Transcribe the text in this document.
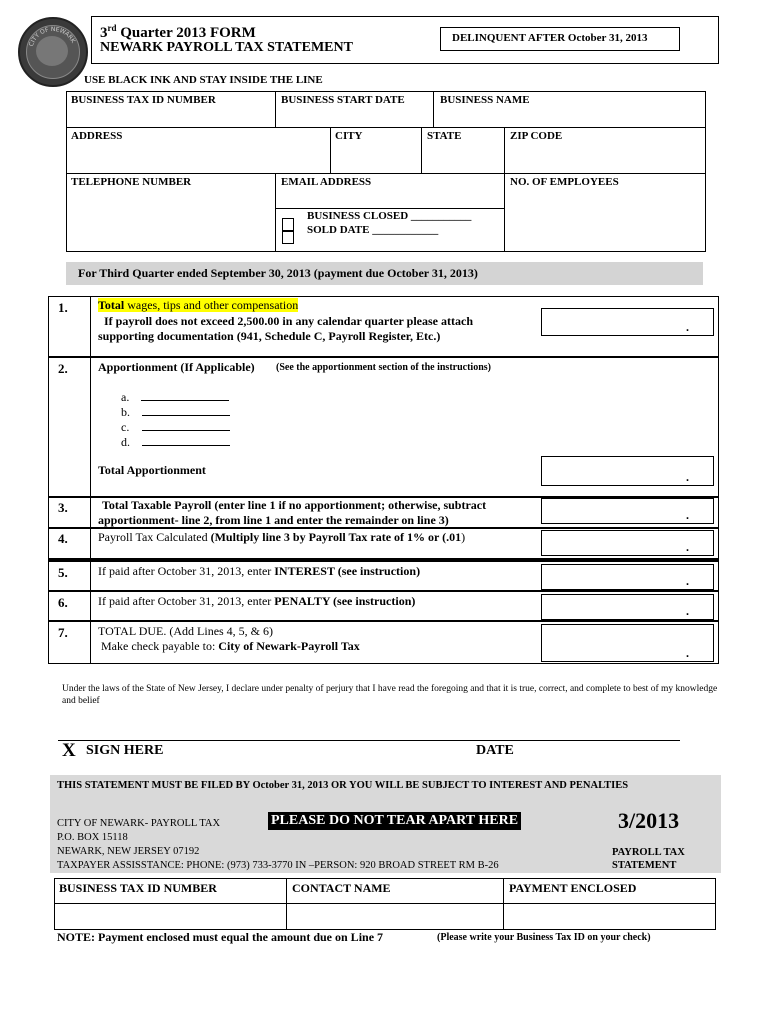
CITY OF NEWARK 3rd Quarter 2013 FORM
NEWARK PAYROLL TAX STATEMENT
DELINQUENT AFTER October 31, 2013
USE BLACK INK AND STAY INSIDE THE LINE
BUSINESS TAX ID NUMBER	BUSINESS START DATE	BUSINESS NAME
ADDRESS	CITY	STATE	ZIP CODE
TELEPHONE NUMBER	EMAIL ADDRESS	NO. OF EMPLOYEES
BUSINESS CLOSED ___________
SOLD DATE ____________
For Third Quarter ended September 30, 2013 (payment due October 31, 2013)
1.	Total wages, tips and other compensation
If payroll does not exceed 2,500.00 in any calendar quarter please attach
supporting documentation (941, Schedule C, Payroll Register, Etc.)
.
2.	Apportionment (If Applicable) (See the apportionment section of the instructions)
a.
b.
c.
d.
Total Apportionment	.
3.	Total Taxable Payroll (enter line 1 if no apportionment; otherwise, subtract
apportionment- line 2, from line 1 and enter the remainder on line 3)	.
4.	Payroll Tax Calculated (Multiply line 3 by Payroll Tax rate of 1% or (.01)
.
5.	If paid after October 31, 2013, enter INTEREST (see instruction)
.
6.	If paid after October 31, 2013, enter PENALTY (see instruction)
.
7.	TOTAL DUE. (Add Lines 4, 5, & 6)
Make check payable to: City of Newark-Payroll Tax	.
Under the laws of the State of New Jersey, I declare under penalty of perjury that I have read the foregoing and that it is true, correct, and complete to best of my knowledge and belief
X SIGN HERE	DATE
THIS STATEMENT MUST BE FILED BY October 31, 2013 OR YOU WILL BE SUBJECT TO INTEREST AND PENALTIES
CITY OF NEWARK- PAYROLL TAX
P.O. BOX 15118
NEWARK, NEW JERSEY 07192
TAXPAYER ASSISSTANCE: PHONE: (973) 733-3770 IN –PERSON: 920 BROAD STREET RM B-26
PLEASE DO NOT TEAR APART HERE	3/2013
PAYROLL TAX
STATEMENT
BUSINESS TAX ID NUMBER	CONTACT NAME	PAYMENT ENCLOSED
NOTE: Payment enclosed must equal the amount due on Line 7	(Please write your Business Tax ID on your check)
